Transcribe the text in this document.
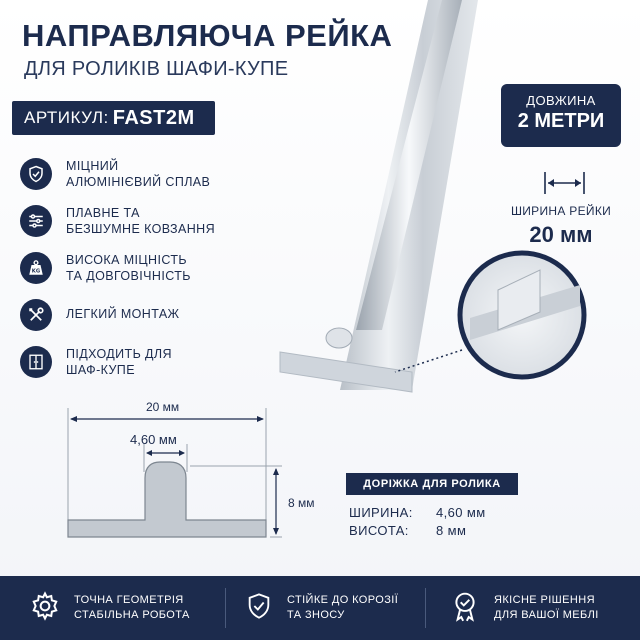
НАПРАВЛЯЮЧА РЕЙКА
ДЛЯ РОЛИКІВ ШАФИ-КУПЕ
АРТИКУЛ: FAST2M
МІЦНИЙ
АЛЮМІНІЄВИЙ СПЛАВ
ПЛАВНЕ ТА
БЕЗШУМНЕ КОВЗАННЯ
KG
ВИСОКА МІЦНІСТЬ
ТА ДОВГОВІЧНІСТЬ
ЛЕГКИЙ МОНТАЖ
ПІДХОДИТЬ ДЛЯ
ШАФ-КУПЕ
ДОВЖИНА
2 МЕТРИ
ШИРИНА РЕЙКИ
20 мм
20 мм
4,60 мм
8 мм
ДОРІЖКА ДЛЯ РОЛИКА
ШИРИНА: 4,60 мм
ВИСОТА: 8 мм
ТОЧНА ГЕОМЕТРІЯ
СТАБІЛЬНА РОБОТА
СТІЙКЕ ДО КОРОЗІЇ
ТА ЗНОСУ
ЯКІСНЕ РІШЕННЯ
ДЛЯ ВАШОЇ МЕБЛІ
